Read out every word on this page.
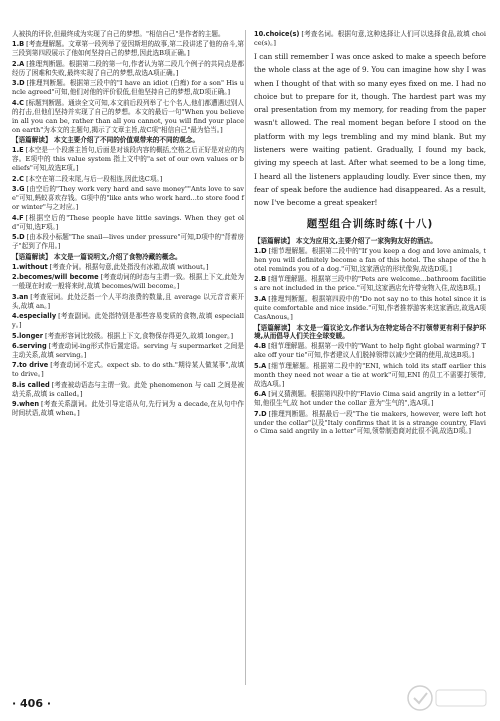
人被执的评价,但最终成为实现了自己的梦想。"相信自己"是作者的主题。
1.B [考查理解题。文章第一段列举了爱因斯坦的故事,第二段讲述了他的奋斗,第三段到第四段展示了他如何坚持自己的梦想,因此选B项正确。]
2.A [推理判断题。根据第二段的第一句,作者认为第二段几个例子的共同点是都经历了困难和失败,最终实现了自己的梦想,故选A项正确。]
3.D [推理判断题。根据第三段中的"I have an idiot (白痴) for a son" His uncle agreed"可知,他们对他的评价很低,但他坚持自己的梦想,故D项正确。]
4.C [标题判断题。通读全文可知,本文前后段列举了七个名人,他们都遭遇过别人的打击,但他们坚持并实现了自己的梦想。本文的最后一句"When you believe in all you can be, rather than all you cannot, you will find your place on earth"为本文的主题句,揭示了文章主旨,故C项"相信自己"最为恰当。]
【语篇解读】 本文主要介绍了不同的价值观带来的不同的观念。
1.E [本空是一个段落主旨句,后面是对该段内容的概括,空格之后正好是对应的内容。E项中的 this value system 指上文中的"a set of our own values or beliefs"可知,故选E项。]
2.C [本空在第二段末尾,与后一段相连,因此选C项。]
3.G [由空后的"They work very hard and save money""Ants love to save"可知,蚂蚁喜欢存钱。G项中的"like ants who work hard...to store food for winter"与之对应。]
4.F [根据空后的"These people have little savings. When they get old"可知,选F项。]
5.D [由本段小标题"The snail—lives under pressure"可知,D项中的"背着房子"起到了作用。]
【语篇解读】 本文是一篇说明文,介绍了食物冷藏的概念。
1.without [考查介词。根据句意,此处指没有冰箱,故填 without。]
2.becomes/will become [考查动词的时态与主谓一致。根据上下文,此处为一般现在时或一般将来时,故填 becomes/will become。]
3.an [考查冠词。此处泛指一个人平均浪费的数量,且 average 以元音音素开头,故填 an。]
4.especially [考查副词。此处指特别是那些容易变质的食物,故填 especially。]
5.longer [考查形容词比较级。根据上下文,食物保存得更久,故填 longer。]
6.serving [考查动词-ing形式作后置定语。serving 与 supermarket 之间是主动关系,故填 serving。]
7.to drive [考查动词不定式。expect sb. to do sth."期待某人做某事",故填 to drive。]
8.is called [考查被动语态与主谓一致。此处 phenomenon 与 call 之间是被动关系,故填 is called。]
9.when [考查关系副词。此处引导定语从句,先行词为 a decade,在从句中作时间状语,故填 when。]
10.choice(s) [考查名词。根据句意,这种选择让人们可以选择食品,故填 choice(s)。]
I can still remember I was once asked to make a speech before the whole class at the age of 9. You can imagine how shy I was when I thought of that with so many eyes fixed on me. I had no choice but to prepare for it, though. The hardest part was my oral presentation from my memory, for reading from the paper wasn't allowed. The real moment began before I stood on the platform with my legs trembling and my mind blank. But my listeners were waiting patient. Gradually, I found my back, giving my speech at last. After what seemed to be a long time, I heard all the listeners applauding loudly. Ever since then, my fear of speak before the audience had disappeared. As a result, now I've become a great speaker!
题型组合训练时练(十八)
【语篇解读】 本文为应用文,主要介绍了一家狗狗友好的酒店。
1.D [细节理解题。根据第二段中的"If you keep a dog and love animals, then you will definitely become a fan of this hotel. The shape of the hotel reminds you of a dog."可知,这家酒店的形状像狗,故选D项。]
2.B [细节理解题。根据第三段中的"Pets are welcome...bathroom facilities are not included in the price."可知,这家酒店允许带宠物入住,故选B项。]
3.A [推理判断题。根据第四段中的"Do not say no to this hotel since it is quite comfortable and nice inside."可知,作者推荐游客来这家酒店,故选A项 CasAnous。]
【语篇解读】 本文是一篇议论文,作者认为在特定场合不打领带更有利于保护环境,从而倡导人们关注全球变暖。
4.B [细节理解题。根据第一段中的"Want to help fight global warming? Take off your tie"可知,作者建议人们脱掉领带以减少空调的使用,故选B项。]
5.A [细节理解题。根据第二段中的"ENI, which told its staff earlier this month they need not wear a tie at work"可知,ENI 的员工不需要打领带,故选A项。]
6.A [词义猜测题。根据第四段中的"Flavio Cima said angrily in a letter"可知,他很生气,故 hot under the collar 意为"生气的",选A项。]
7.D [推理判断题。根据最后一段"The tie makers, however, were left hot under the collar"以及"Italy confirms that it is a strange country, Flavio Cima said angrily in a letter"可知,领带制造商对此很不满,故选D项。]
· 406 ·
